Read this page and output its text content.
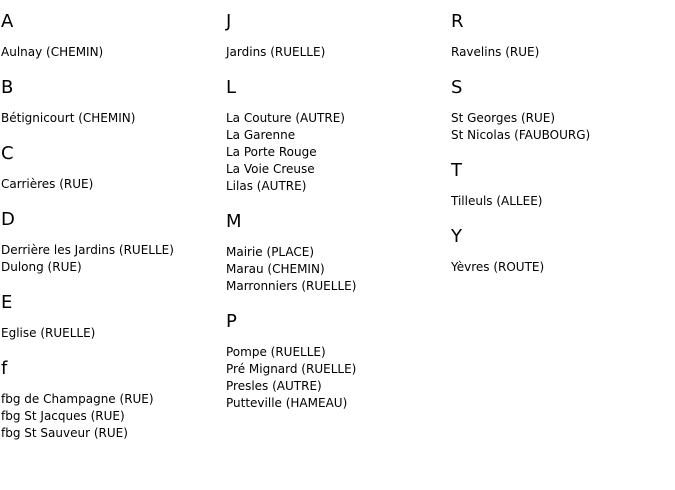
A
Aulnay (CHEMIN)
B
Bétignicourt (CHEMIN)
C
Carrières (RUE)
D
Derrière les Jardins (RUELLE)
Dulong (RUE)
E
Eglise (RUELLE)
f
fbg de Champagne (RUE)
fbg St Jacques (RUE)
fbg St Sauveur (RUE)
J
Jardins (RUELLE)
L
La Couture (AUTRE)
La Garenne
La Porte Rouge
La Voie Creuse
Lilas (AUTRE)
M
Mairie (PLACE)
Marau (CHEMIN)
Marronniers (RUELLE)
P
Pompe (RUELLE)
Pré Mignard (RUELLE)
Presles (AUTRE)
Putteville (HAMEAU)
R
Ravelins (RUE)
S
St Georges (RUE)
St Nicolas (FAUBOURG)
T
Tilleuls (ALLEE)
Y
Yèvres (ROUTE)
